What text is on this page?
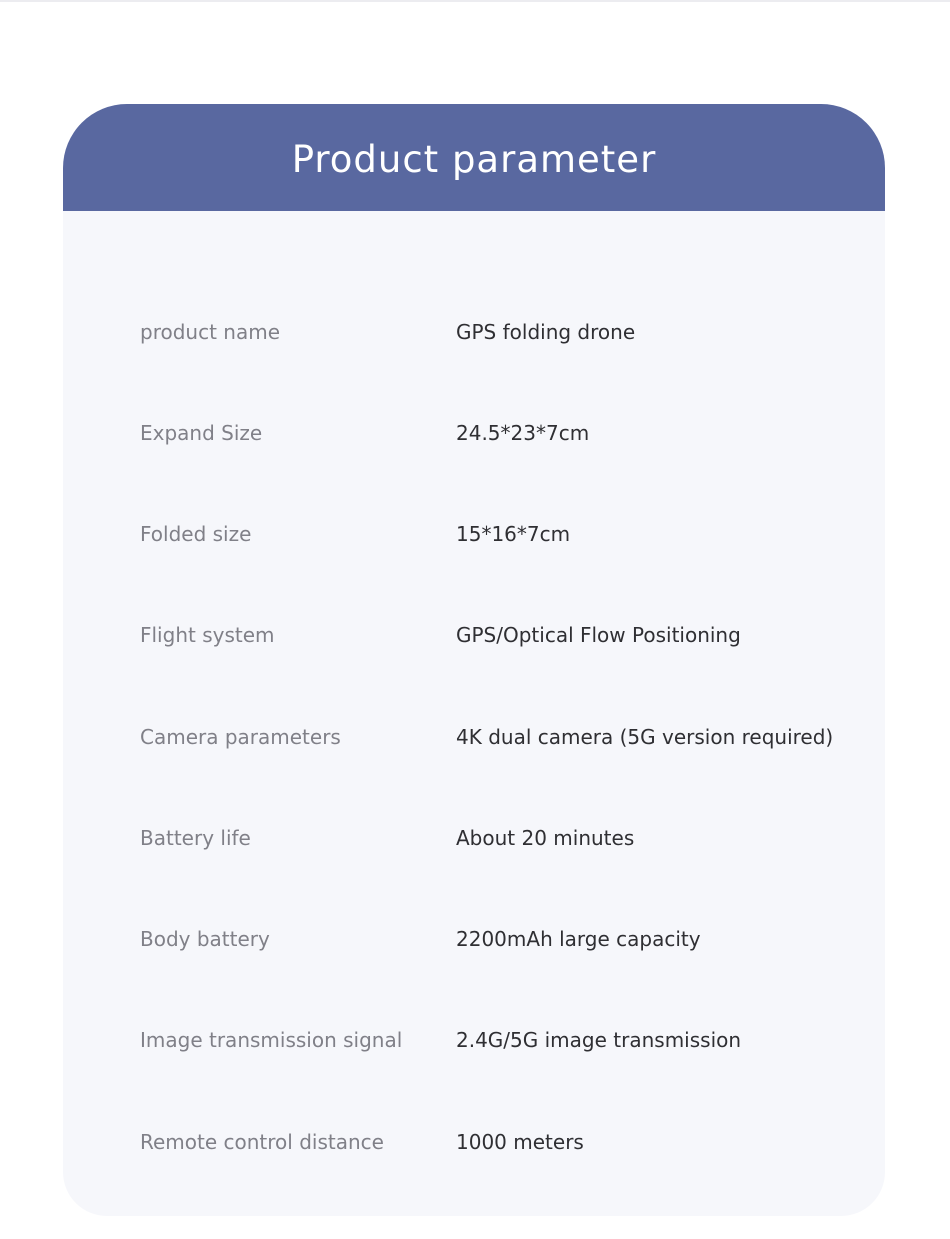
Product parameter
product name	GPS folding drone
Expand Size	24.5*23*7cm
Folded size	15*16*7cm
Flight system	GPS/Optical Flow Positioning
Camera parameters	4K dual camera (5G version required)
Battery life	About 20 minutes
Body battery	2200mAh large capacity
Image transmission signal	2.4G/5G image transmission
Remote control distance	1000 meters
